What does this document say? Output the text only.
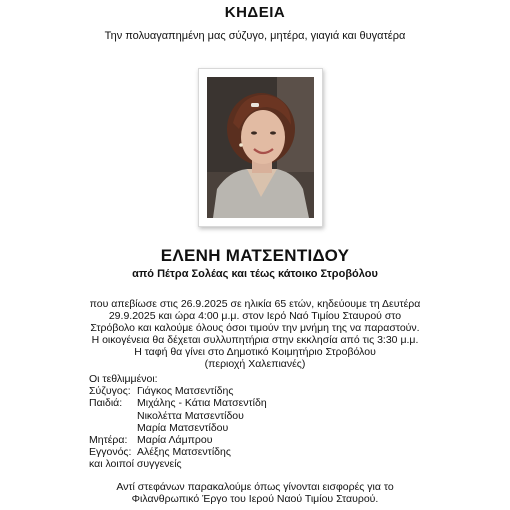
ΚΗΔΕΙΑ
Την πολυαγαπημένη μας σύζυγο, μητέρα, γιαγιά και θυγατέρα
ΕΛΕΝΗ ΜΑΤΣΕΝΤΙΔΟΥ
από Πέτρα Σολέας και τέως κάτοικο Στροβόλου
που απεβίωσε στις 26.9.2025 σε ηλικία 65 ετών, κηδεύουμε τη Δευτέρα
29.9.2025 και ώρα 4:00 μ.μ. στον Ιερό Ναό Τιμίου Σταυρού στο
Στρόβολο και καλούμε όλους όσοι τιμούν την μνήμη της να παραστούν.
Η οικογένεια θα δέχεται συλλυπητήρια στην εκκλησία από τις 3:30 μ.μ.
Η ταφή θα γίνει στο Δημοτικό Κοιμητήριο Στροβόλου
(περιοχή Χαλεπιανές)
Οι τεθλιμμένοι:
Σύζυγος: Γιάγκος Ματσεντίδης
Παιδιά: Μιχάλης - Κάτια Ματσεντίδη
Νικολέττα Ματσεντίδου
Μαρία Ματσεντίδου
Μητέρα: Μαρία Λάμπρου
Εγγονός: Αλέξης Ματσεντίδης
και λοιποί συγγενείς
Αντί στεφάνων παρακαλούμε όπως γίνονται εισφορές για το
Φιλανθρωπικό Έργο του Ιερού Ναού Τιμίου Σταυρού.
